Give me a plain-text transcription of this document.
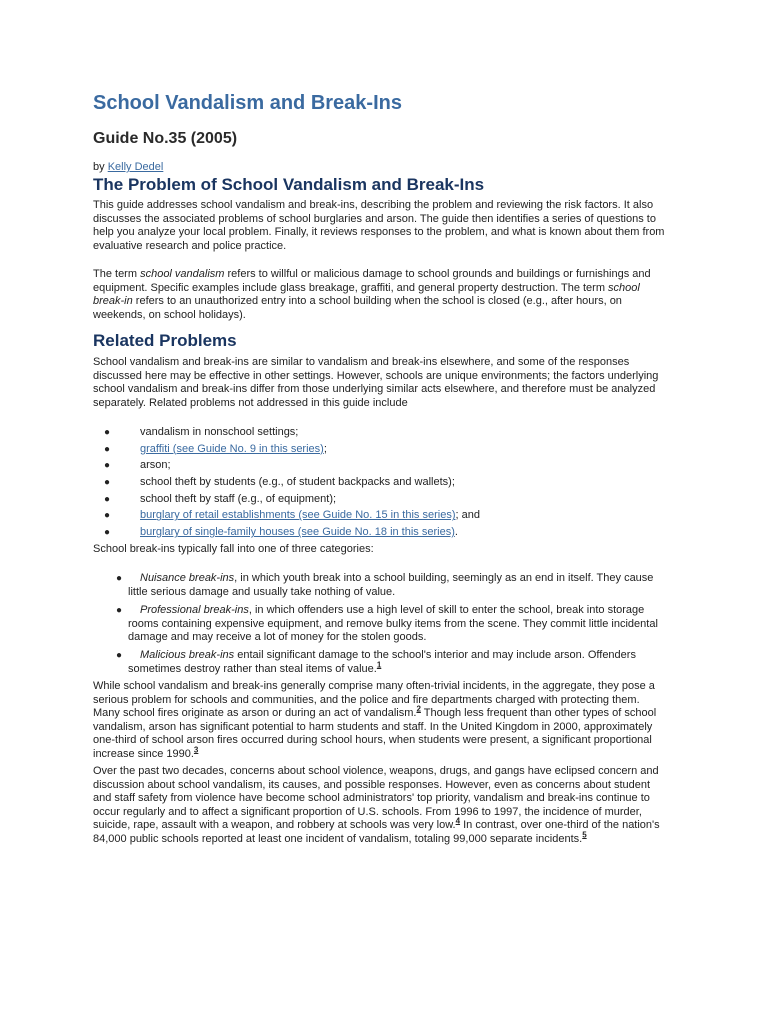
School Vandalism and Break-Ins
Guide No.35 (2005)
by Kelly Dedel
The Problem of School Vandalism and Break-Ins

This guide addresses school vandalism and break-ins, describing the problem and reviewing the risk factors. It also discusses the associated problems of school burglaries and arson. The guide then identifies a series of questions to help you analyze your local problem. Finally, it reviews responses to the problem, and what is known about them from evaluative research and police practice.

The term school vandalism refers to willful or malicious damage to school grounds and buildings or furnishings and equipment. Specific examples include glass breakage, graffiti, and general property destruction. The term school break-in refers to an unauthorized entry into a school building when the school is closed (e.g., after hours, on weekends, on school holidays).

Related Problems

School vandalism and break-ins are similar to vandalism and break-ins elsewhere, and some of the responses discussed here may be effective in other settings. However, schools are unique environments; the factors underlying school vandalism and break-ins differ from those underlying similar acts elsewhere, and therefore must be analyzed separately. Related problems not addressed in this guide include

●	vandalism in nonschool settings;
●	graffiti (see Guide No. 9 in this series);
●	arson;
●	school theft by students (e.g., of student backpacks and wallets);
●	school theft by staff (e.g., of equipment);
●	burglary of retail establishments (see Guide No. 15 in this series); and
●	burglary of single-family houses (see Guide No. 18 in this series).

School break-ins typically fall into one of three categories:

● Nuisance break-ins, in which youth break into a school building, seemingly as an end in itself. They cause little serious damage and usually take nothing of value.
● Professional break-ins, in which offenders use a high level of skill to enter the school, break into storage rooms containing expensive equipment, and remove bulky items from the scene. They commit little incidental damage and may receive a lot of money for the stolen goods.
● Malicious break-ins entail significant damage to the school's interior and may include arson. Offenders sometimes destroy rather than steal items of value.$^1$

While school vandalism and break-ins generally comprise many often-trivial incidents, in the aggregate, they pose a serious problem for schools and communities, and the police and fire departments charged with protecting them. Many school fires originate as arson or during an act of vandalism.$^2$ Though less frequent than other types of school vandalism, arson has significant potential to harm students and staff. In the United Kingdom in 2000, approximately one-third of school arson fires occurred during school hours, when students were present, a significant proportional increase since 1990.$^3$

Over the past two decades, concerns about school violence, weapons, drugs, and gangs have eclipsed concern and discussion about school vandalism, its causes, and possible responses. However, even as concerns about student and staff safety from violence have become school administrators' top priority, vandalism and break-ins continue to occur regularly and to affect a significant proportion of U.S. schools. From 1996 to 1997, the incidence of murder, suicide, rape, assault with a weapon, and robbery at schools was very low.$^4$ In contrast, over one-third of the nation's 84,000 public schools reported at least one incident of vandalism, totaling 99,000 separate incidents.$^5$
